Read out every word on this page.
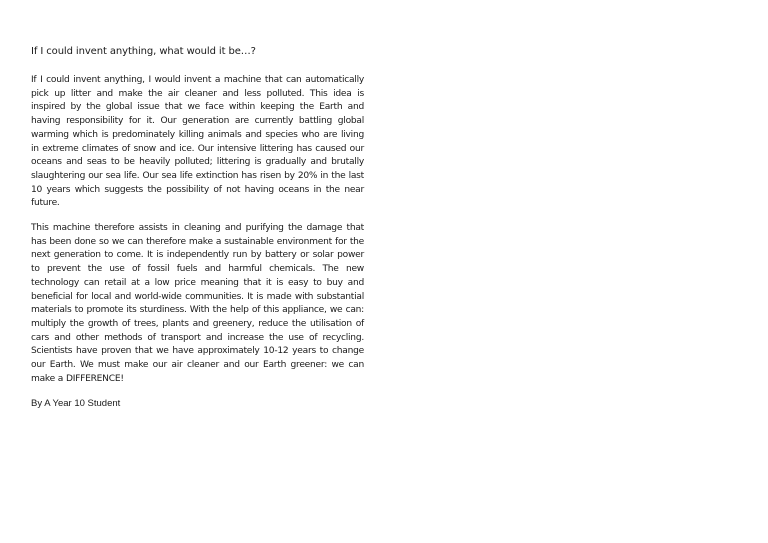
If I could invent anything, what would it be…?

If I could invent anything, I would invent a machine that can automatically pick up litter and make the air cleaner and less polluted. This idea is inspired by the global issue that we face within keeping the Earth and having responsibility for it. Our generation are currently battling global warming which is predominately killing animals and species who are living in extreme climates of snow and ice. Our intensive littering has caused our oceans and seas to be heavily polluted; littering is gradually and brutally slaughtering our sea life. Our sea life extinction has risen by 20% in the last 10 years which suggests the possibility of not having oceans in the near future.

This machine therefore assists in cleaning and purifying the damage that has been done so we can therefore make a sustainable environment for the next generation to come. It is independently run by battery or solar power to prevent the use of fossil fuels and harmful chemicals. The new technology can retail at a low price meaning that it is easy to buy and beneficial for local and world-wide communities. It is made with substantial materials to promote its sturdiness. With the help of this appliance, we can: multiply the growth of trees, plants and greenery, reduce the utilisation of cars and other methods of transport and increase the use of recycling. Scientists have proven that we have approximately 10-12 years to change our Earth. We must make our air cleaner and our Earth greener: we can make a DIFFERENCE!

By A Year 10 Student
